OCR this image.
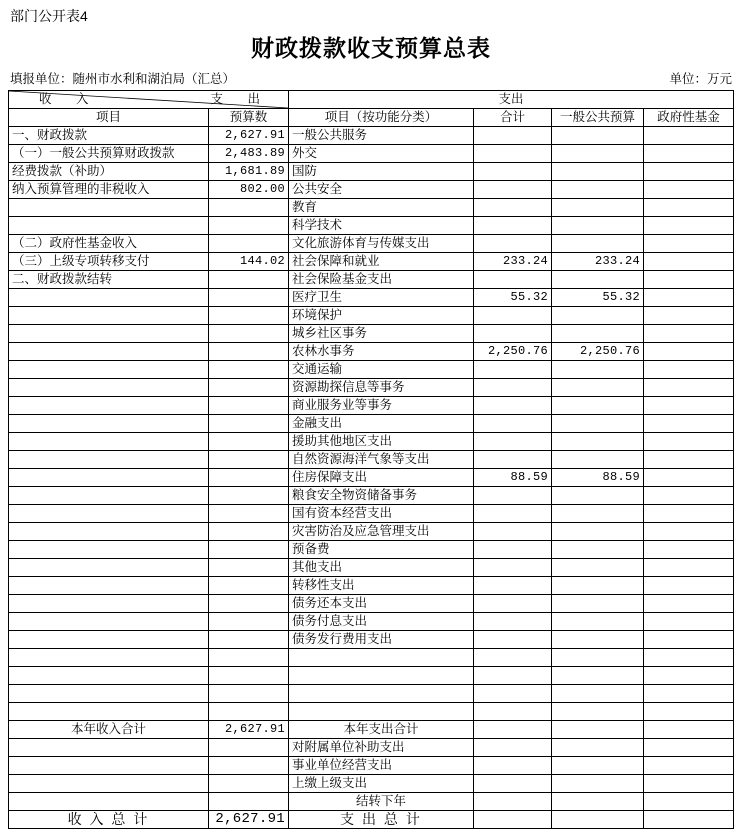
部门公开表4
财政拨款收支预算总表
填报单位：随州市水利和湖泊局（汇总）	单位：万元
收　入 支　出		支出			
项目	预算数	项目（按功能分类）	合计	一般公共预算	政府性基金
一、财政拨款	2,627.91	一般公共服务			
（一）一般公共预算财政拨款	2,483.89	外交			
经费拨款（补助）	1,681.89	国防			
纳入预算管理的非税收入	802.00	公共安全			
		教育			
		科学技术			
（二）政府性基金收入		文化旅游体育与传媒支出			
（三）上级专项转移支付	144.02	社会保障和就业	233.24	233.24	
二、财政拨款结转		社会保险基金支出			
		医疗卫生	55.32	55.32	
		环境保护			
		城乡社区事务			
		农林水事务	2,250.76	2,250.76	
		交通运输			
		资源勘探信息等事务			
		商业服务业等事务			
		金融支出			
		援助其他地区支出			
		自然资源海洋气象等支出			
		住房保障支出	88.59	88.59	
		粮食安全物资储备事务			
		国有资本经营支出			
		灾害防治及应急管理支出			
		预备费			
		其他支出			
		转移性支出			
		债务还本支出			
		债务付息支出			
		债务发行费用支出			

本年收入合计	2,627.91	本年支出合计			
		对附属单位补助支出			
		事业单位经营支出			
		上缴上级支出			
		结转下年			
收 入 总 计	2,627.91	支 出 总 计			
